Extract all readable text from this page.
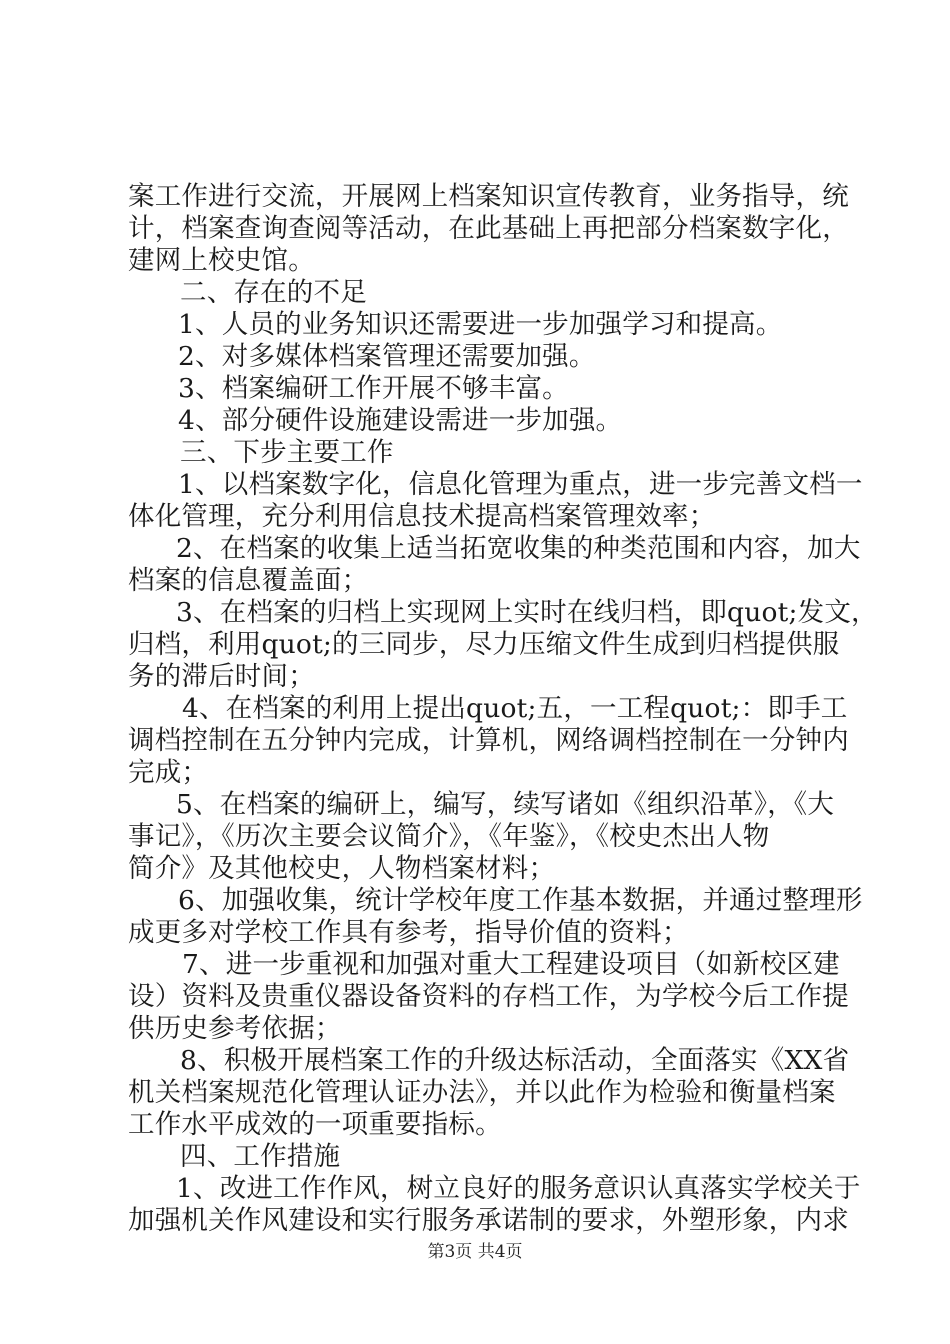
案工作进行交流，开展网上档案知识宣传教育，业务指导，统
计，档案查询查阅等活动，在此基础上再把部分档案数字化，
建网上校史馆。
二、存在的不足
1、人员的业务知识还需要进一步加强学习和提高。
2、对多媒体档案管理还需要加强。
3、档案编研工作开展不够丰富。
4、部分硬件设施建设需进一步加强。
三、下步主要工作
1、以档案数字化，信息化管理为重点，进一步完善文档一
体化管理，充分利用信息技术提高档案管理效率；
2、在档案的收集上适当拓宽收集的种类范围和内容，加大
档案的信息覆盖面；
3、在档案的归档上实现网上实时在线归档，即quot;发文，
归档，利用quot;的三同步，尽力压缩文件生成到归档提供服
务的滞后时间；
4、在档案的利用上提出quot;五，一工程quot;：即手工
调档控制在五分钟内完成，计算机，网络调档控制在一分钟内
完成；
5、在档案的编研上，编写，续写诸如《组织沿革》，《大
事记》，《历次主要会议简介》，《年鉴》，《校史杰出人物
简介》及其他校史，人物档案材料；
6、加强收集，统计学校年度工作基本数据，并通过整理形
成更多对学校工作具有参考，指导价值的资料；
7、进一步重视和加强对重大工程建设项目（如新校区建
设）资料及贵重仪器设备资料的存档工作，为学校今后工作提
供历史参考依据；
8、积极开展档案工作的升级达标活动，全面落实《XX省
机关档案规范化管理认证办法》，并以此作为检验和衡量档案
工作水平成效的一项重要指标。
四、工作措施
1、改进工作作风，树立良好的服务意识认真落实学校关于
加强机关作风建设和实行服务承诺制的要求，外塑形象，内求
第3页 共4页
